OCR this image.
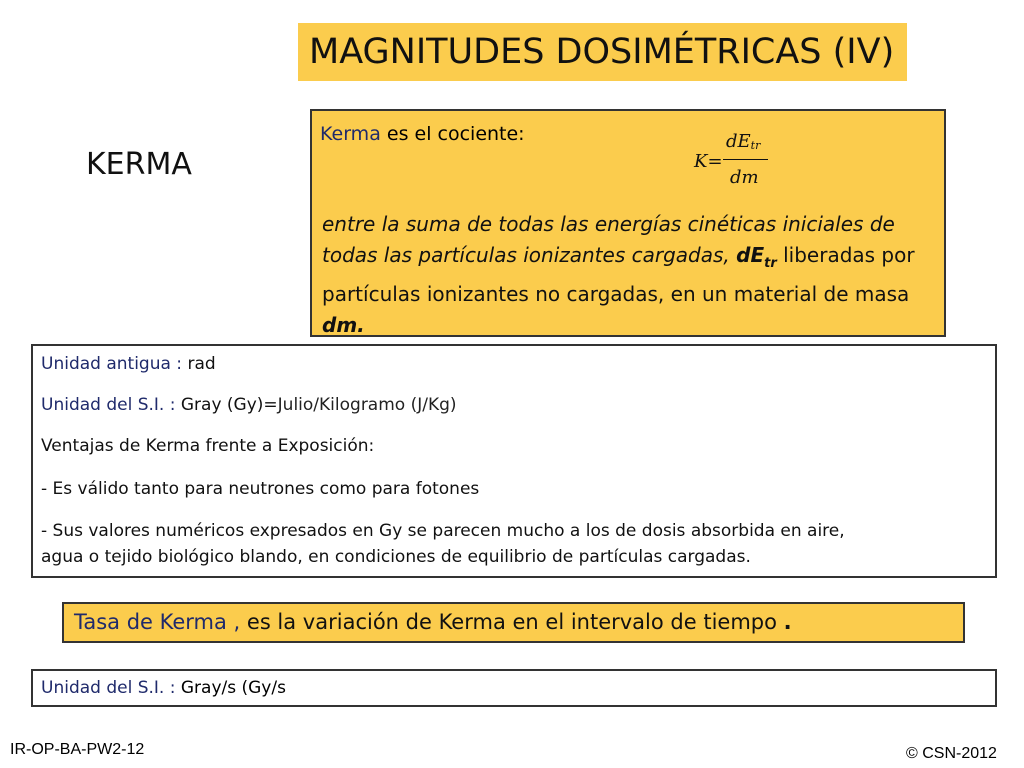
MAGNITUDES DOSIMÉTRICAS (IV)
KERMA
Kerma es el cociente:
K=
$dE_{tr}$
dm
entre la suma de todas las energías cinéticas iniciales de todas las partículas ionizantes cargadas, $dE_{tr}$ liberadas por partículas ionizantes no cargadas, en un material de masa dm.
Unidad antigua : rad
Unidad del S.I. : Gray (Gy)=Julio/Kilogramo (J/Kg)
Ventajas de Kerma frente a Exposición:
- Es válido tanto para neutrones como para fotones
- Sus valores numéricos expresados en Gy se parecen mucho a los de dosis absorbida en aire,
agua o tejido biológico blando, en condiciones de equilibrio de partículas cargadas.
Tasa de Kerma , es la variación de Kerma en el intervalo de tiempo .
Unidad del S.I. : Gray/s (Gy/s
IR-OP-BA-PW2-12	© CSN-2012
